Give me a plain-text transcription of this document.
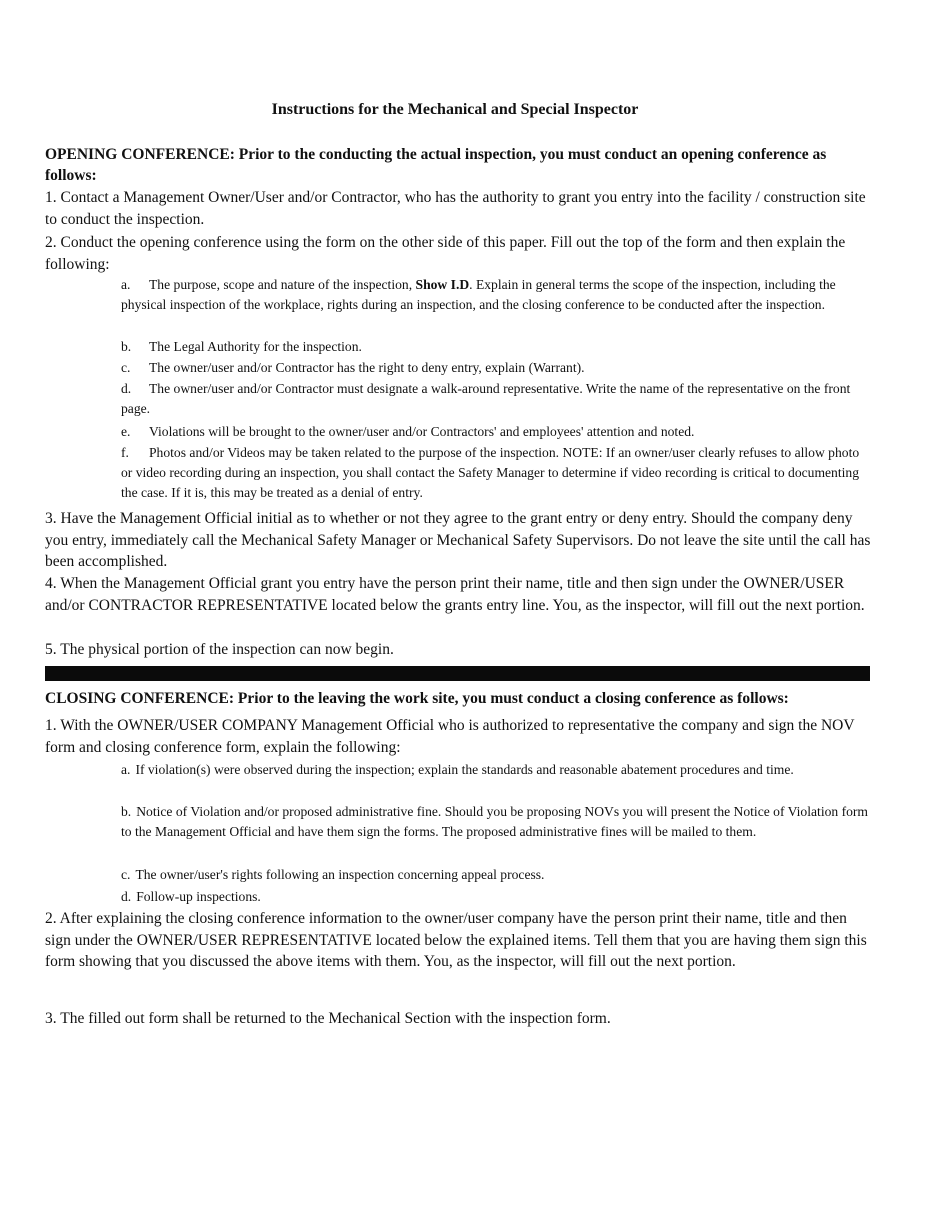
Instructions for the Mechanical and Special Inspector
OPENING CONFERENCE: Prior to the conducting the actual inspection, you must conduct an opening conference as follows:
1. Contact a Management Owner/User and/or Contractor, who has the authority to grant you entry into the facility / construction site to conduct the inspection.
2. Conduct the opening conference using the form on the other side of this paper. Fill out the top of the form and then explain the following:
a. The purpose, scope and nature of the inspection, Show I.D. Explain in general terms the scope of the inspection, including the physical inspection of the workplace, rights during an inspection, and the closing conference to be conducted after the inspection.
b. The Legal Authority for the inspection.
c. The owner/user and/or Contractor has the right to deny entry, explain (Warrant).
d. The owner/user and/or Contractor must designate a walk-around representative. Write the name of the representative on the front page.
e. Violations will be brought to the owner/user and/or Contractors' and employees' attention and noted.
f. Photos and/or Videos may be taken related to the purpose of the inspection. NOTE: If an owner/user clearly refuses to allow photo or video recording during an inspection, you shall contact the Safety Manager to determine if video recording is critical to documenting the case. If it is, this may be treated as a denial of entry.
3. Have the Management Official initial as to whether or not they agree to the grant entry or deny entry. Should the company deny you entry, immediately call the Mechanical Safety Manager or Mechanical Safety Supervisors. Do not leave the site until the call has been accomplished.
4. When the Management Official grant you entry have the person print their name, title and then sign under the OWNER/USER and/or CONTRACTOR REPRESENTATIVE located below the grants entry line. You, as the inspector, will fill out the next portion.
5. The physical portion of the inspection can now begin.
CLOSING CONFERENCE: Prior to the leaving the work site, you must conduct a closing conference as follows:
1. With the OWNER/USER COMPANY Management Official who is authorized to representative the company and sign the NOV form and closing conference form, explain the following:
a. If violation(s) were observed during the inspection; explain the standards and reasonable abatement procedures and time.
b. Notice of Violation and/or proposed administrative fine. Should you be proposing NOVs you will present the Notice of Violation form to the Management Official and have them sign the forms. The proposed administrative fines will be mailed to them.
c. The owner/user's rights following an inspection concerning appeal process.
d. Follow-up inspections.
2. After explaining the closing conference information to the owner/user company have the person print their name, title and then sign under the OWNER/USER REPRESENTATIVE located below the explained items. Tell them that you are having them sign this form showing that you discussed the above items with them. You, as the inspector, will fill out the next portion.
3. The filled out form shall be returned to the Mechanical Section with the inspection form.
